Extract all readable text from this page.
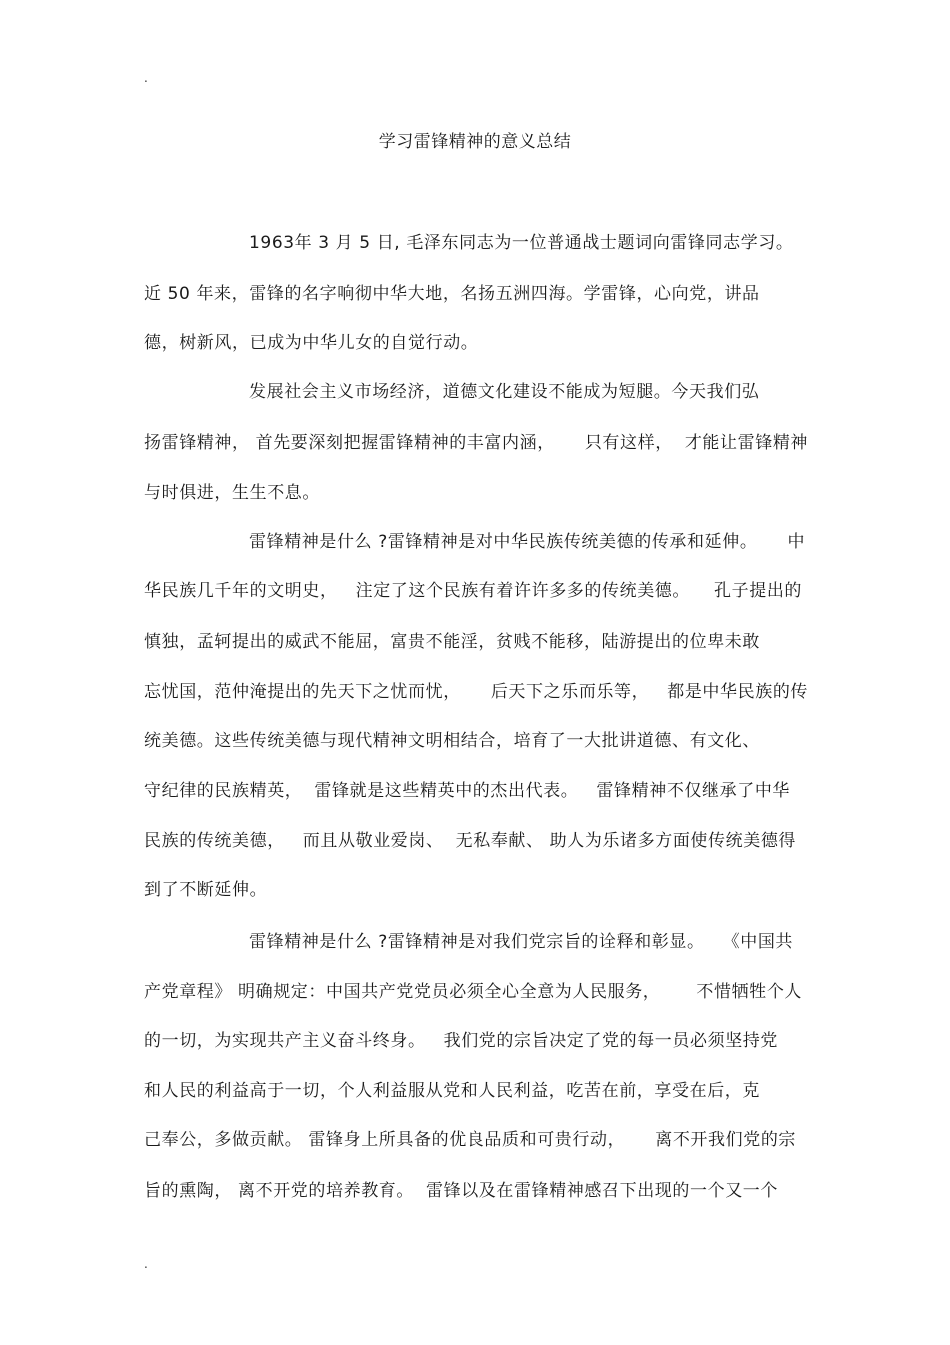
.
学习雷锋精神的意义总结
1963年 3 月 5 日, 毛泽东同志为一位普通战士题词向雷锋同志学习。
近 50 年来，雷锋的名字响彻中华大地，名扬五洲四海。学雷锋，心向党，讲品
德，树新风，已成为中华儿女的自觉行动。
发展社会主义市场经济，道德文化建设不能成为短腿。今天我们弘
扬雷锋精神， 首先要深刻把握雷锋精神的丰富内涵，     只有这样，  才能让雷锋精神
与时俱进，生生不息。
雷锋精神是什么 ?雷锋精神是对中华民族传统美德的传承和延伸。     中
华民族几千年的文明史，   注定了这个民族有着许许多多的传统美德。    孔子提出的
慎独，孟轲提出的威武不能屈，富贵不能淫，贫贱不能移，陆游提出的位卑未敢
忘忧国，范仲淹提出的先天下之忧而忧，     后天下之乐而乐等，   都是中华民族的传
统美德。这些传统美德与现代精神文明相结合，培育了一大批讲道德、有文化、
守纪律的民族精英，  雷锋就是这些精英中的杰出代表。   雷锋精神不仅继承了中华
民族的传统美德，   而且从敬业爱岗、  无私奉献、 助人为乐诸多方面使传统美德得
到了不断延伸。
雷锋精神是什么 ?雷锋精神是对我们党宗旨的诠释和彰显。   《中国共
产党章程》 明确规定：中国共产党党员必须全心全意为人民服务，      不惜牺牲个人
的一切，为实现共产主义奋斗终身。   我们党的宗旨决定了党的每一员必须坚持党
和人民的利益高于一切，个人利益服从党和人民利益，吃苦在前，享受在后，克
己奉公，多做贡献。 雷锋身上所具备的优良品质和可贵行动，     离不开我们党的宗
旨的熏陶， 离不开党的培养教育。  雷锋以及在雷锋精神感召下出现的一个又一个
.
